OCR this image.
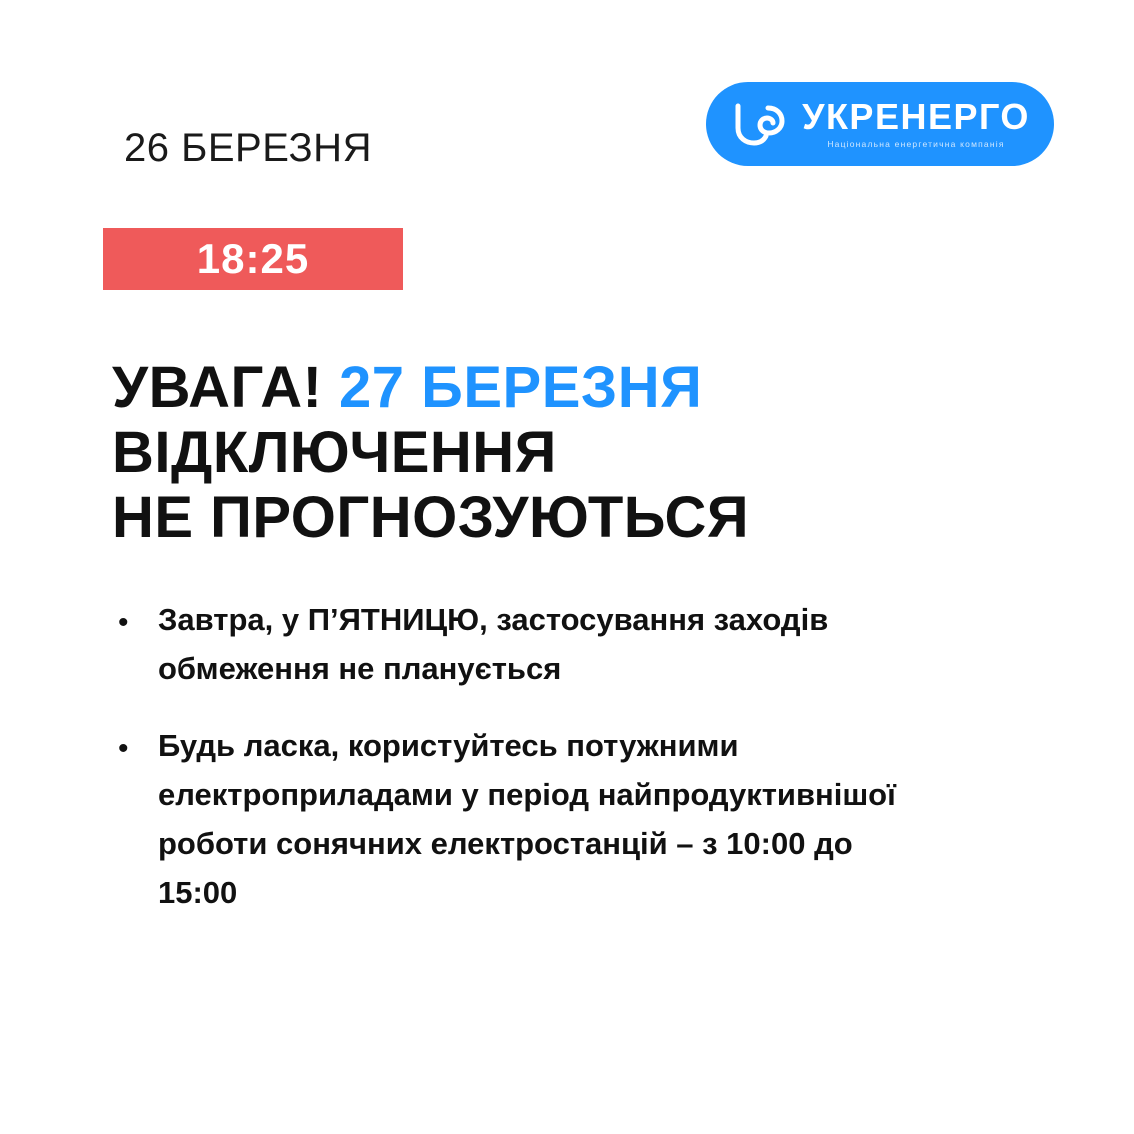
26 БЕРЕЗНЯ
УКРЕНЕРГО
Національна енергетична компанія
18:25
УВАГА! 27 БЕРЕЗНЯ
ВІДКЛЮЧЕННЯ
НЕ ПРОГНОЗУЮТЬСЯ
• Завтра, у П’ЯТНИЦЮ, застосування заходів обмеження не планується
• Будь ласка, користуйтесь потужними електроприладами у період найпродуктивнішої роботи сонячних електростанцій – з 10:00 до 15:00
